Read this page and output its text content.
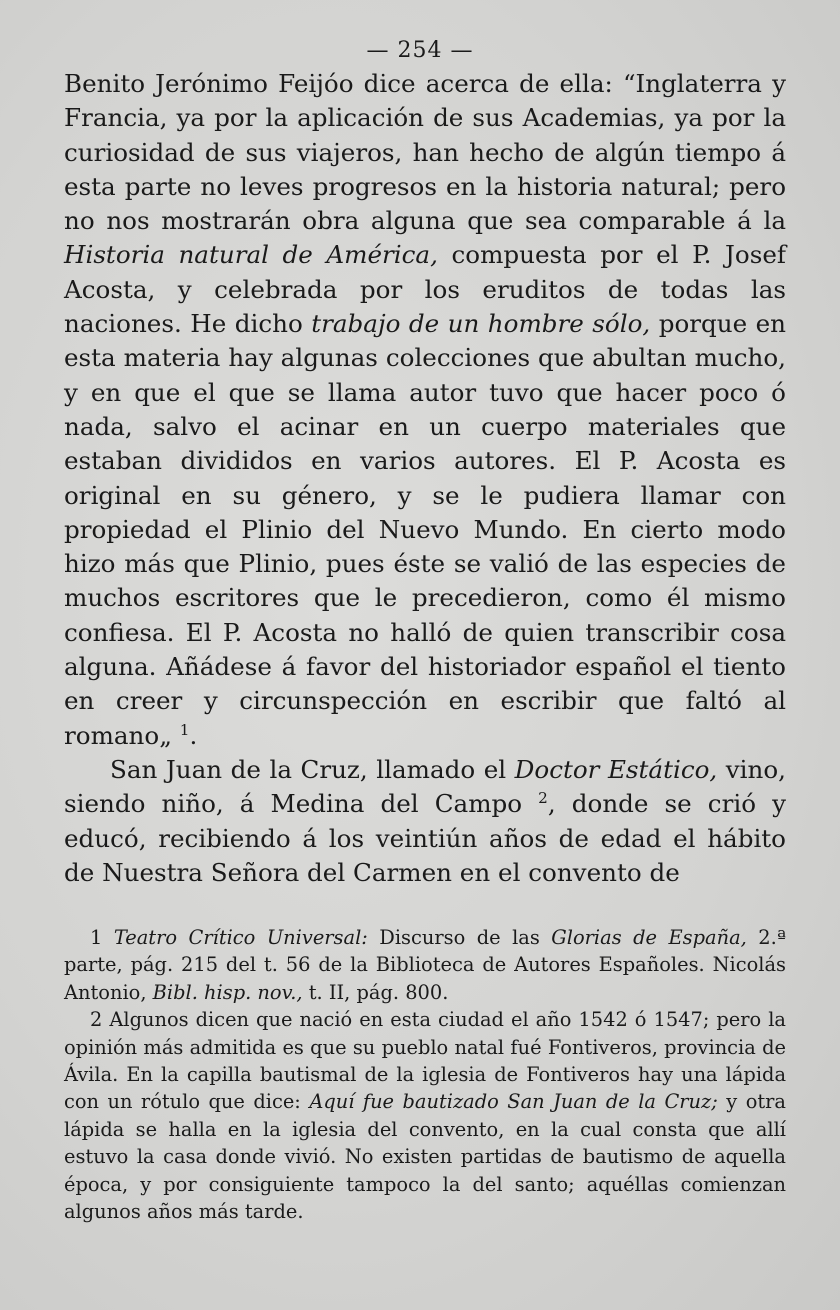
— 254 —

Benito Jerónimo Feijóo dice acerca de ella: “Inglaterra y Francia, ya por la aplicación de sus Academias, ya por la curiosidad de sus viajeros, han hecho de algún tiempo á esta parte no leves progresos en la historia natural; pero no nos mostrarán obra alguna que sea comparable á la Historia natural de América, compuesta por el P. Josef Acosta, y celebrada por los eruditos de todas las naciones. He dicho trabajo de un hombre sólo, porque en esta materia hay algunas colecciones que abultan mucho, y en que el que se llama autor tuvo que hacer poco ó nada, salvo el acinar en un cuerpo materiales que estaban divididos en varios autores. El P. Acosta es original en su género, y se le pudiera llamar con propiedad el Plinio del Nuevo Mundo. En cierto modo hizo más que Plinio, pues éste se valió de las especies de muchos escritores que le precedieron, como él mismo confiesa. El P. Acosta no halló de quien transcribir cosa alguna. Añádese á favor del historiador español el tiento en creer y circunspección en escribir que faltó al romano„ $^1$.

San Juan de la Cruz, llamado el Doctor Estático, vino, siendo niño, á Medina del Campo $^2$, donde se crió y educó, recibiendo á los veintiún años de edad el hábito de Nuestra Señora del Carmen en el convento de

1 Teatro Crítico Universal: Discurso de las Glorias de España, 2.ª parte, pág. 215 del t. 56 de la Biblioteca de Autores Españoles. Nicolás Antonio, Bibl. hisp. nov., t. II, pág. 800.

2 Algunos dicen que nació en esta ciudad el año 1542 ó 1547; pero la opinión más admitida es que su pueblo natal fué Fontiveros, provincia de Ávila. En la capilla bautismal de la iglesia de Fontiveros hay una lápida con un rótulo que dice: Aquí fue bautizado San Juan de la Cruz; y otra lápida se halla en la iglesia del convento, en la cual consta que allí estuvo la casa donde vivió. No existen partidas de bautismo de aquella época, y por consiguiente tampoco la del santo; aquéllas comienzan algunos años más tarde.
